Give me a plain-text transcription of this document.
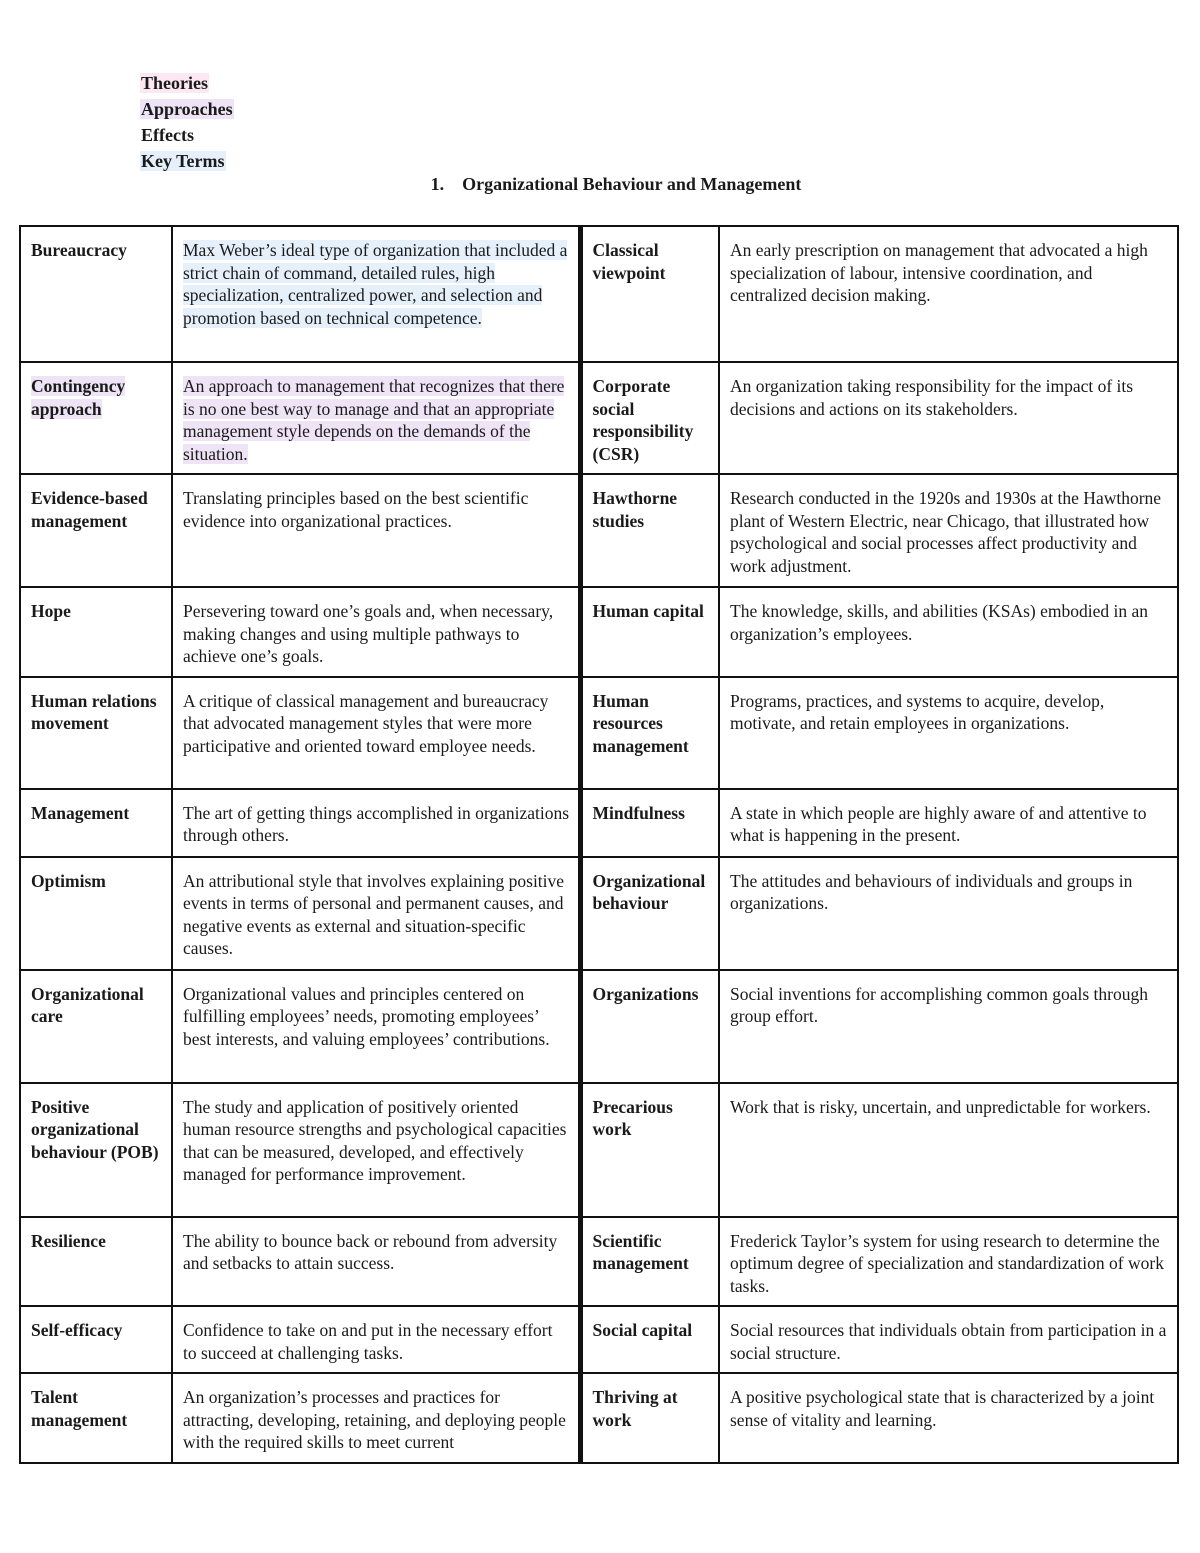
Theories
Approaches
Effects
Key Terms
1. Organizational Behaviour and Management
Bureaucracy	Max Weber’s ideal type of organization that included a strict chain of command, detailed rules, high specialization, centralized power, and selection and promotion based on technical competence.	Classical viewpoint	An early prescription on management that advocated a high specialization of labour, intensive coordination, and centralized decision making.
Contingency approach	An approach to management that recognizes that there is no one best way to manage and that an appropriate management style depends on the demands of the situation.	Corporate social responsibility (CSR)	An organization taking responsibility for the impact of its decisions and actions on its stakeholders.
Evidence-based management	Translating principles based on the best scientific evidence into organizational practices.	Hawthorne studies	Research conducted in the 1920s and 1930s at the Hawthorne plant of Western Electric, near Chicago, that illustrated how psychological and social processes affect productivity and work adjustment.
Hope	Persevering toward one’s goals and, when necessary, making changes and using multiple pathways to achieve one’s goals.	Human capital	The knowledge, skills, and abilities (KSAs) embodied in an organization’s employees.
Human relations movement	A critique of classical management and bureaucracy that advocated management styles that were more participative and oriented toward employee needs.	Human resources management	Programs, practices, and systems to acquire, develop, motivate, and retain employees in organizations.
Management	The art of getting things accomplished in organizations through others.	Mindfulness	A state in which people are highly aware of and attentive to what is happening in the present.
Optimism	An attributional style that involves explaining positive events in terms of personal and permanent causes, and negative events as external and situation-specific causes.	Organizational behaviour	The attitudes and behaviours of individuals and groups in organizations.
Organizational care	Organizational values and principles centered on fulfilling employees’ needs, promoting employees’ best interests, and valuing employees’ contributions.	Organizations	Social inventions for accomplishing common goals through group effort.
Positive organizational behaviour (POB)	The study and application of positively oriented human resource strengths and psychological capacities that can be measured, developed, and effectively managed for performance improvement.	Precarious work	Work that is risky, uncertain, and unpredictable for workers.
Resilience	The ability to bounce back or rebound from adversity and setbacks to attain success.	Scientific management	Frederick Taylor’s system for using research to determine the optimum degree of specialization and standardization of work tasks.
Self-efficacy	Confidence to take on and put in the necessary effort to succeed at challenging tasks.	Social capital	Social resources that individuals obtain from participation in a social structure.
Talent management	An organization’s processes and practices for attracting, developing, retaining, and deploying people with the required skills to meet current	Thriving at work	A positive psychological state that is characterized by a joint sense of vitality and learning.
